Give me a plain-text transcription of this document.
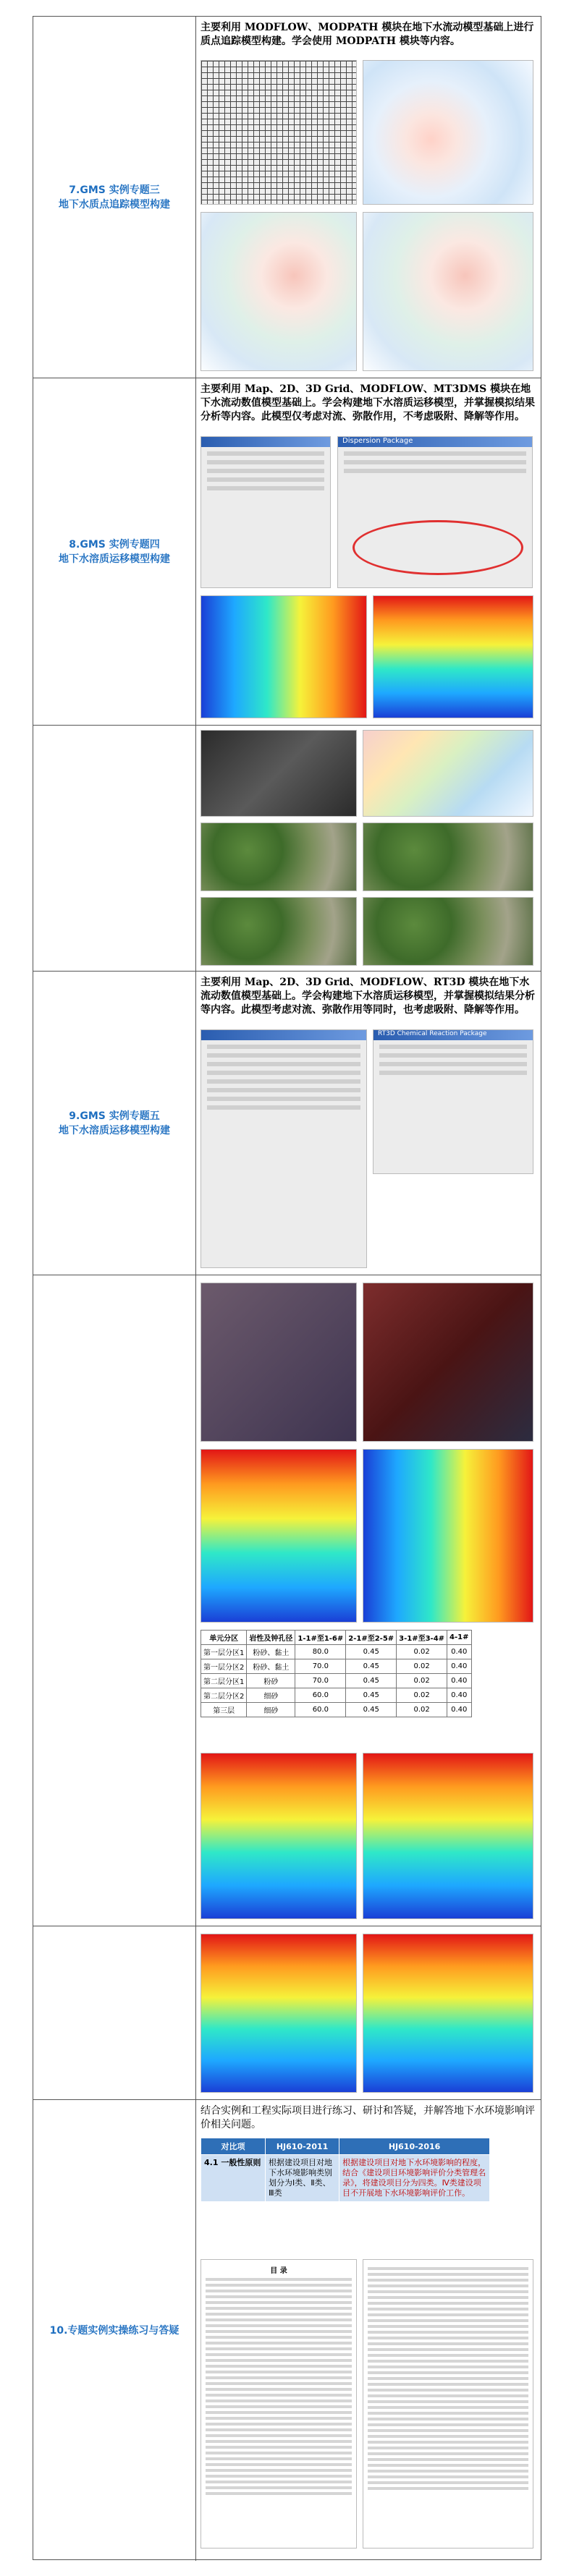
7.GMS 实例专题三
地下水质点追踪模型构建
主要利用 MODFLOW、MODPATH 模块在地下水流动模型基础上进行质点追踪模型构建。学会使用 MODPATH 模块等内容。
8.GMS 实例专题四
地下水溶质运移模型构建
主要利用 Map、2D、3D Grid、MODFLOW、MT3DMS 模块在地下水流动数值模型基础上。学会构建地下水溶质运移模型，并掌握模拟结果分析等内容。此模型仅考虑对流、弥散作用，不考虑吸附、降解等作用。
Dispersion Package
9.GMS 实例专题五
地下水溶质运移模型构建
主要利用 Map、2D、3D Grid、MODFLOW、RT3D 模块在地下水流动数值模型基础上。学会构建地下水溶质运移模型，并掌握模拟结果分析等内容。此模型考虑对流、弥散作用等同时，也考虑吸附、降解等作用。
RT3D Chemical Reaction Package
单元分区	岩性及钟孔径	1-1#至1-6#	2-1#至2-5#	3-1#至3-4#	4-1#
第一层分区1	粉砂、黏土	80.0	0.45	0.02	0.40
第一层分区2	粉砂、黏土	70.0	0.45	0.02	0.40
第二层分区1	粉砂	70.0	0.45	0.02	0.40
第二层分区2	细砂	60.0	0.45	0.02	0.40
第三层	细砂	60.0	0.45	0.02	0.40
10.专题实例实操练习与答疑
结合实例和工程实际项目进行练习、研讨和答疑，并解答地下水环境影响评价相关问题。
对比项	HJ610-2011	HJ610-2016
4.1 一般性原则	根据建设项目对地下水环境影响类别划分为Ⅰ类、Ⅱ类、Ⅲ类	根据建设项目对地下水环境影响的程度，结合《建设项目环境影响评价分类管理名录》，将建设项目分为四类。Ⅳ类建设项目不开展地下水环境影响评价工作。
目 录
